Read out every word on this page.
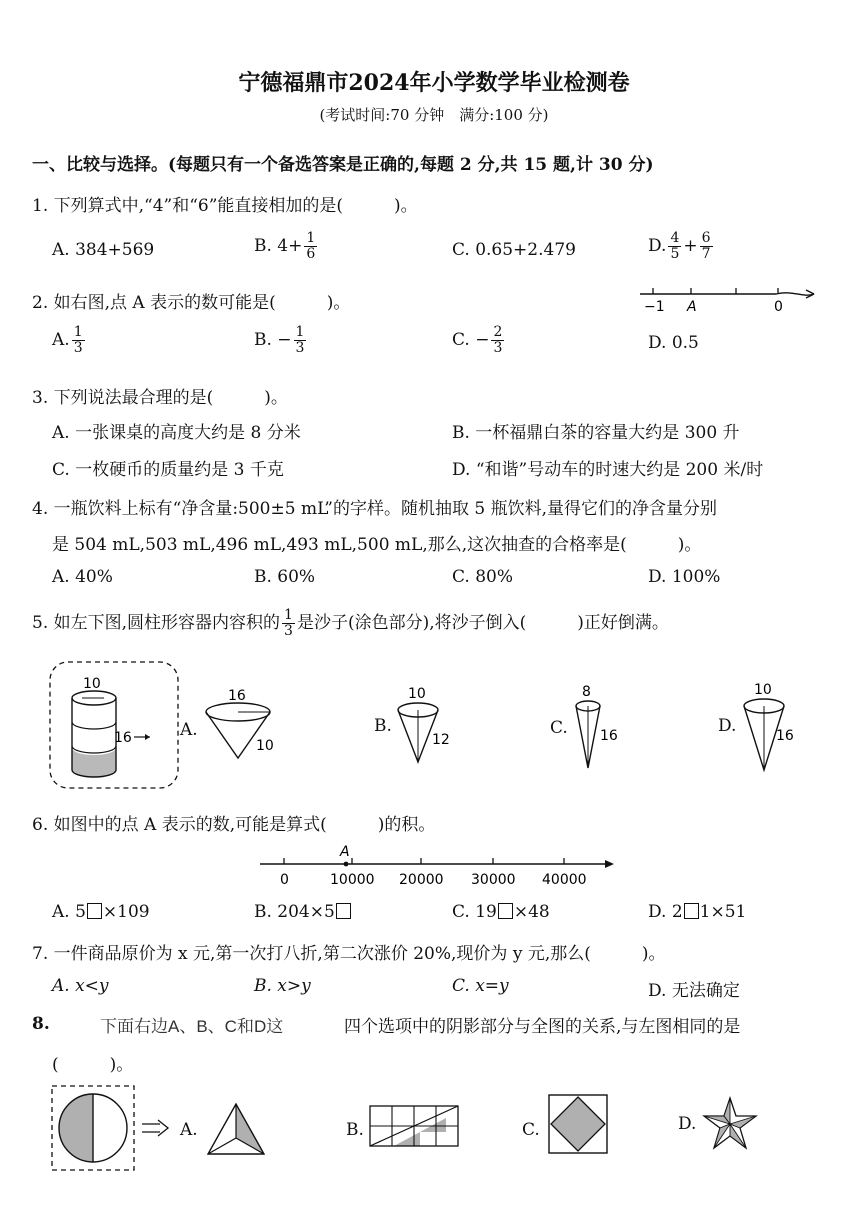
宁德福鼎市2024年小学数学毕业检测卷
(考试时间:70 分钟　满分:100 分)
一、比较与选择。(每题只有一个备选答案是正确的,每题 2 分,共 15 题,计 30 分)
1. 下列算式中,“4”和“6”能直接相加的是(　　　)。
A. 384+569	B. $4+ \frac{1}{6}$	C. 0.65+2.479	D. $\frac{4}{5} + \frac{6}{7}$
2. 如右图,点 A 表示的数可能是(　　　)。	−1 A	0
A. $\frac{1}{3}$	B. − $\frac{1}{3}$	C. − $\frac{2}{3}$	D. 0.5
3. 下列说法最合理的是(　　　)。
A. 一张课桌的高度大约是 8 分米	B. 一杯福鼎白茶的容量大约是 300 升
C. 一枚硬币的质量约是 3 千克	D. “和谐”号动车的时速大约是 200 米/时
4. 一瓶饮料上标有“净含量:500±5 mL”的字样。随机抽取 5 瓶饮料,量得它们的净含量分别
是 504 mL,503 mL,496 mL,493 mL,500 mL,那么,这次抽查的合格率是(　　　)。
A. 40%	B. 60%	C. 80%	D. 100%
5. 如左下图,圆柱形容器内容积的 $\frac{1}{3}$ 是沙子(涂色部分),将沙子倒入(　　　)正好倒满。
10
16	A.
16
10
B.
10
12
C.
8
16	D.
10
16
6. 如图中的点 A 表示的数,可能是算式(　　　)的积。
A
0	10000 20000 30000 40000
A. 5 ×109	B. 204×5	C. 19 ×48	D. 2 1×51
7. 一件商品原价为 x 元,第一次打八折,第二次涨价 20%,现价为 y 元,那么(　　　)。
A. x<y	B. x>y	C. x=y	D. 无法确定
8.	下面右边A、B、C和D这	四个选项中的阴影部分与全图的关系,与左图相同的是
(　　　)。
A.	B.	C.	D.
